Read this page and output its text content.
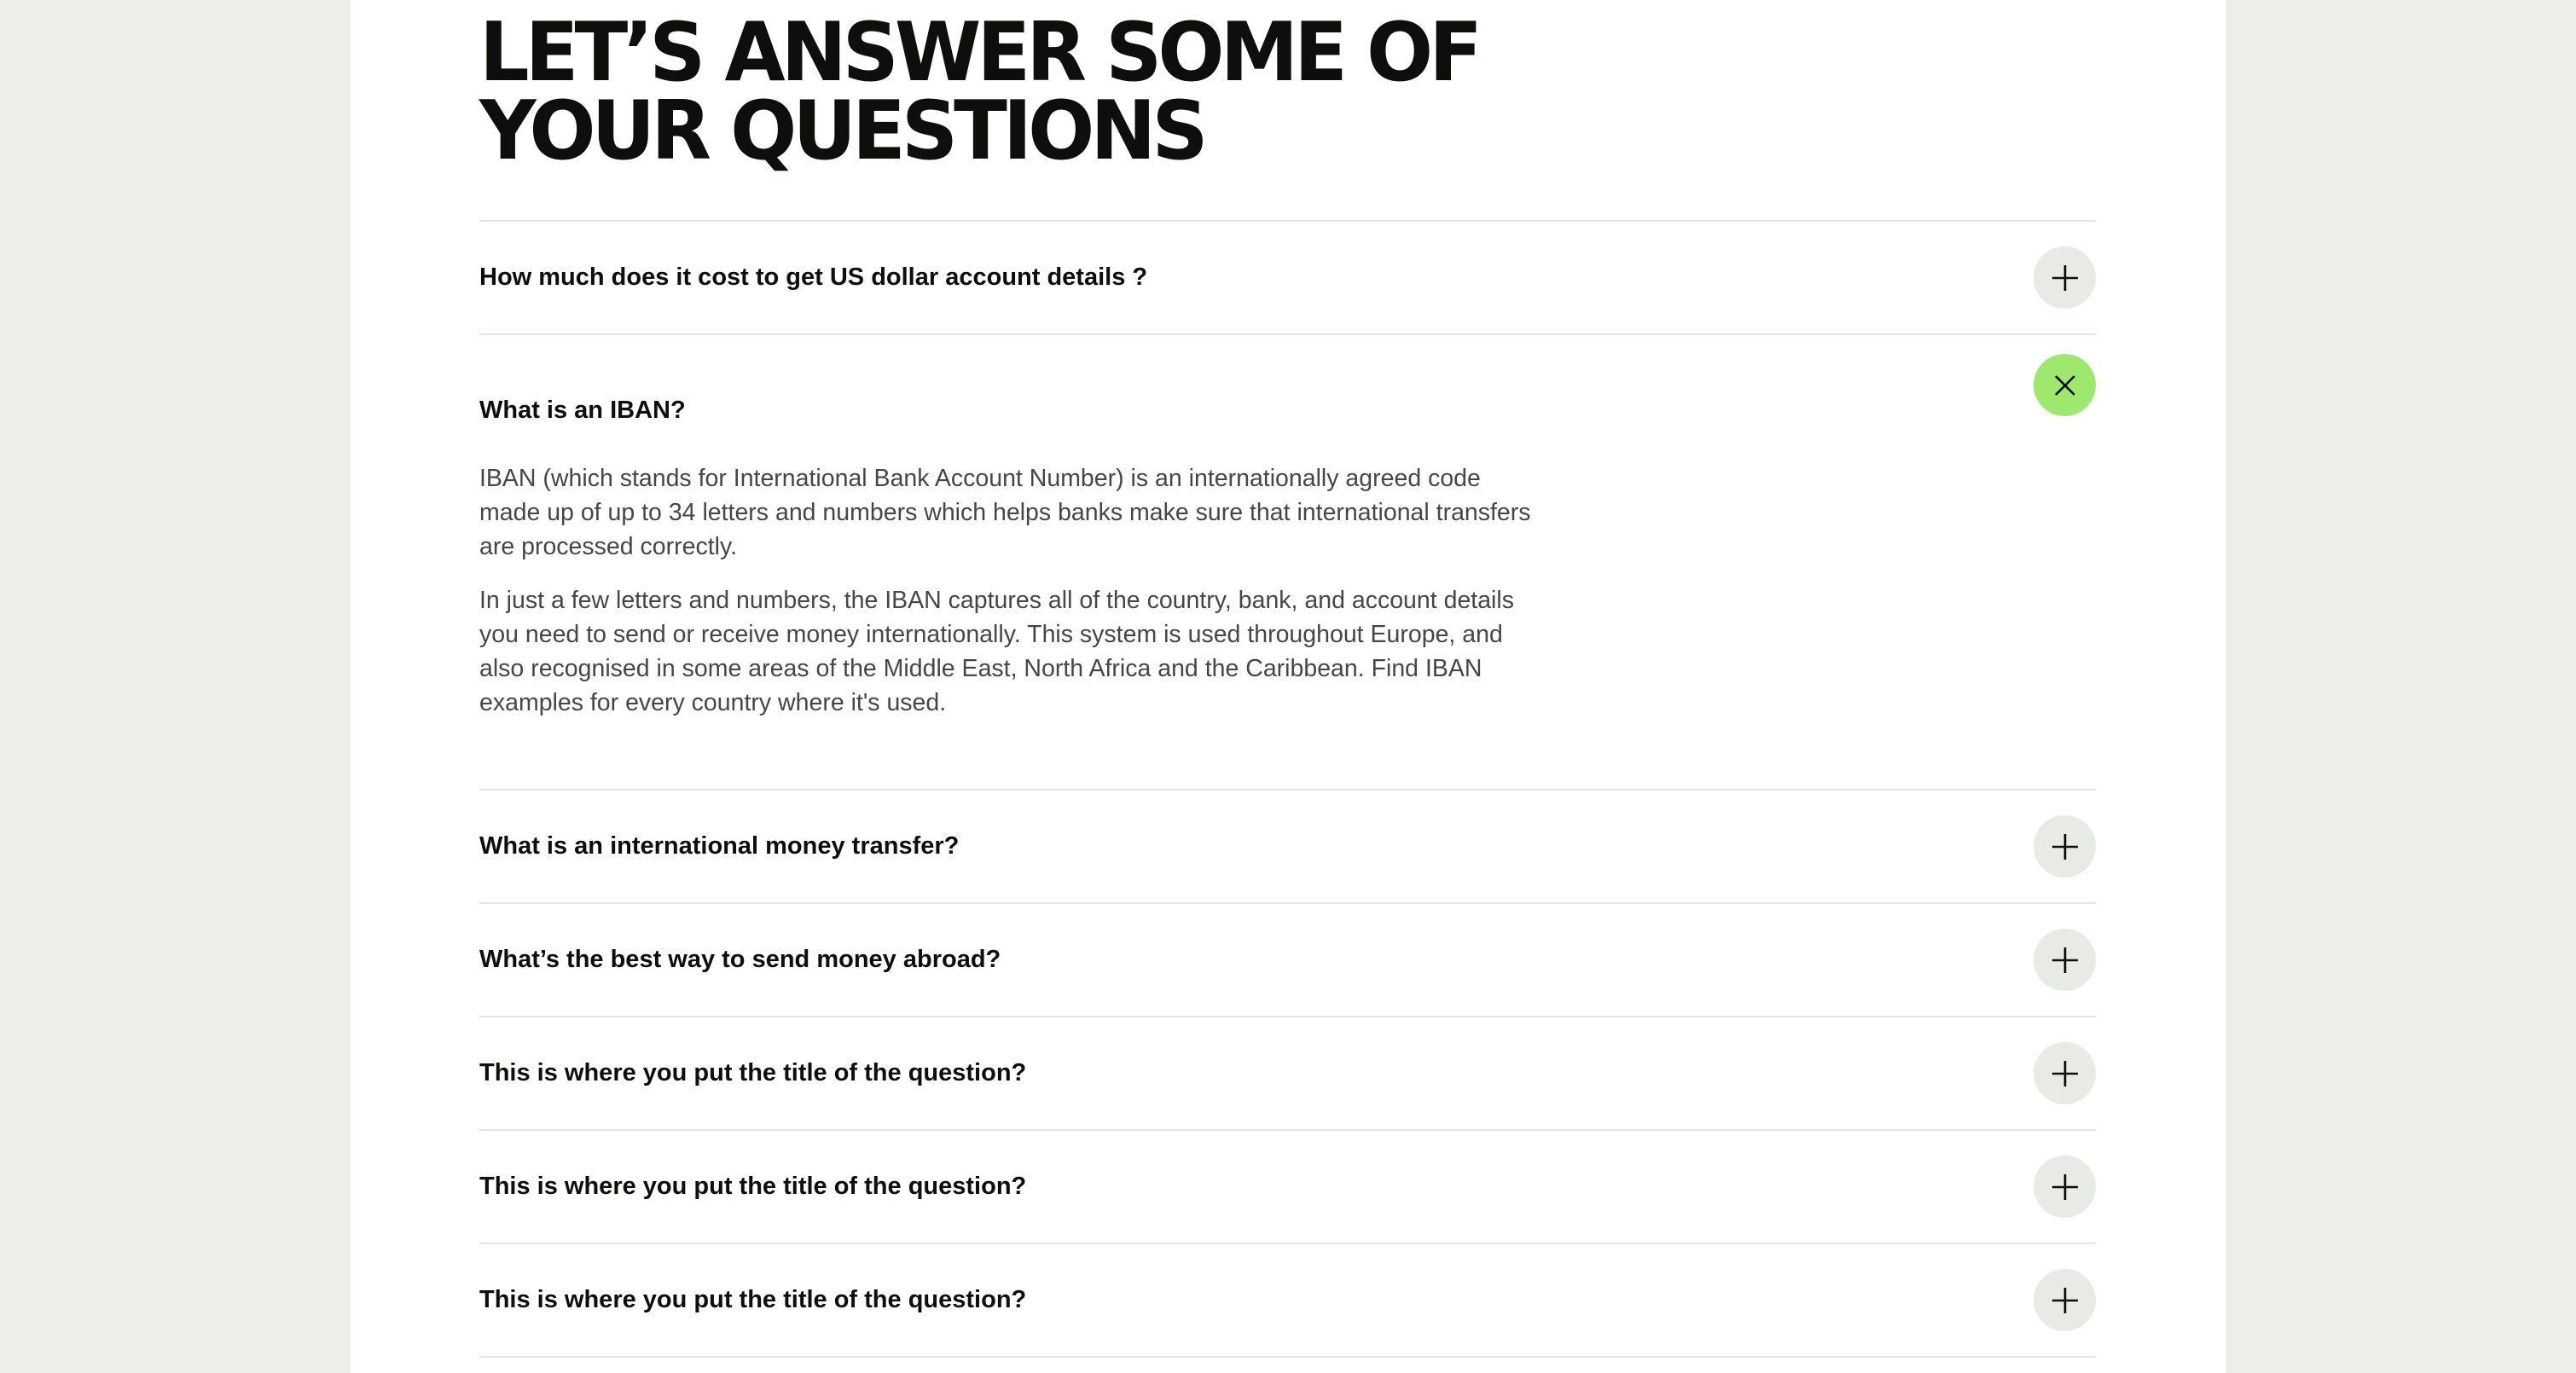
LET’S ANSWER SOME OF
YOUR QUESTIONS
How much does it cost to get US dollar account details ?
What is an IBAN?

IBAN (which stands for International Bank Account Number) is an internationally agreed code made up of up to 34 letters and numbers which helps banks make sure that international transfers are processed correctly.

In just a few letters and numbers, the IBAN captures all of the country, bank, and account details you need to send or receive money internationally. This system is used throughout Europe, and also recognised in some areas of the Middle East, North Africa and the Caribbean. Find IBAN examples for every country where it's used.

What is an international money transfer?
What’s the best way to send money abroad?
This is where you put the title of the question?
This is where you put the title of the question?
This is where you put the title of the question?
